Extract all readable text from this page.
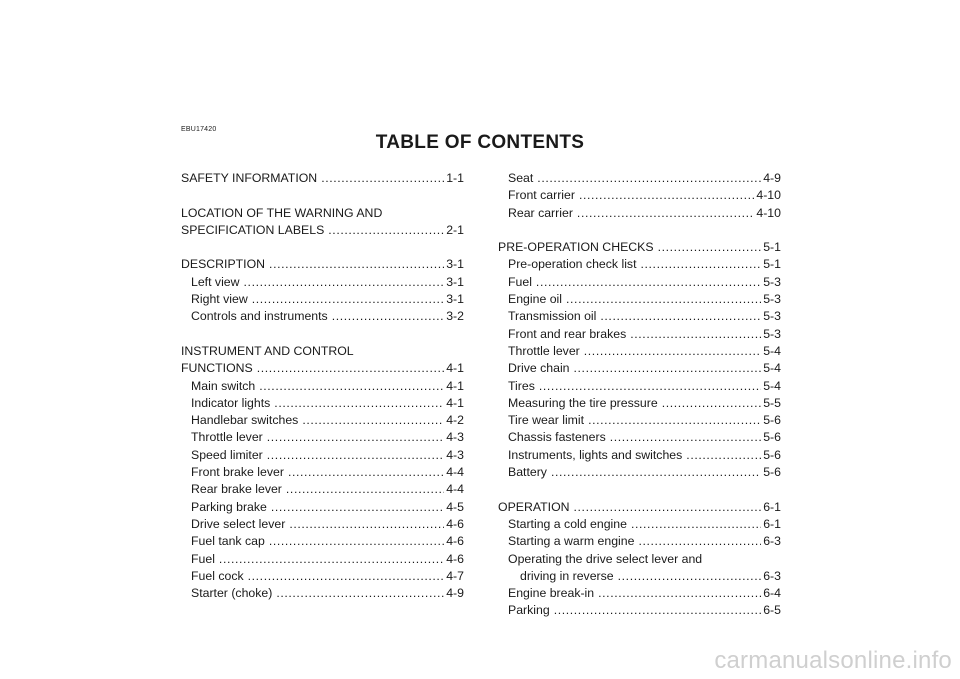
EBU17420
TABLE OF CONTENTS
SAFETY INFORMATION .....	1-1
LOCATION OF THE WARNING AND
SPECIFICATION LABELS .....	2-1
DESCRIPTION .....	3-1
Left view .....	3-1
Right view .....	3-1
Controls and instruments .....	3-2
INSTRUMENT AND CONTROL
FUNCTIONS .....	4-1
Main switch .....	4-1
Indicator lights .....	4-1
Handlebar switches .....	4-2
Throttle lever .....	4-3
Speed limiter .....	4-3
Front brake lever .....	4-4
Rear brake lever .....	4-4
Parking brake .....	4-5
Drive select lever .....	4-6
Fuel tank cap .....	4-6
Fuel .....	4-6
Fuel cock .....	4-7
Starter (choke) .....	4-9
Seat .....	4-9
Front carrier .....	4-10
Rear carrier .....	4-10
PRE-OPERATION CHECKS .....	5-1
Pre-operation check list .....	5-1
Fuel .....	5-3
Engine oil .....	5-3
Transmission oil .....	5-3
Front and rear brakes .....	5-3
Throttle lever .....	5-4
Drive chain .....	5-4
Tires .....	5-4
Measuring the tire pressure .....	5-5
Tire wear limit .....	5-6
Chassis fasteners .....	5-6
Instruments, lights and switches .....	5-6
Battery .....	5-6
OPERATION .....	6-1
Starting a cold engine .....	6-1
Starting a warm engine .....	6-3
Operating the drive select lever and
driving in reverse .....	6-3
Engine break-in .....	6-4
Parking .....	6-5
carmanualsonline.info
